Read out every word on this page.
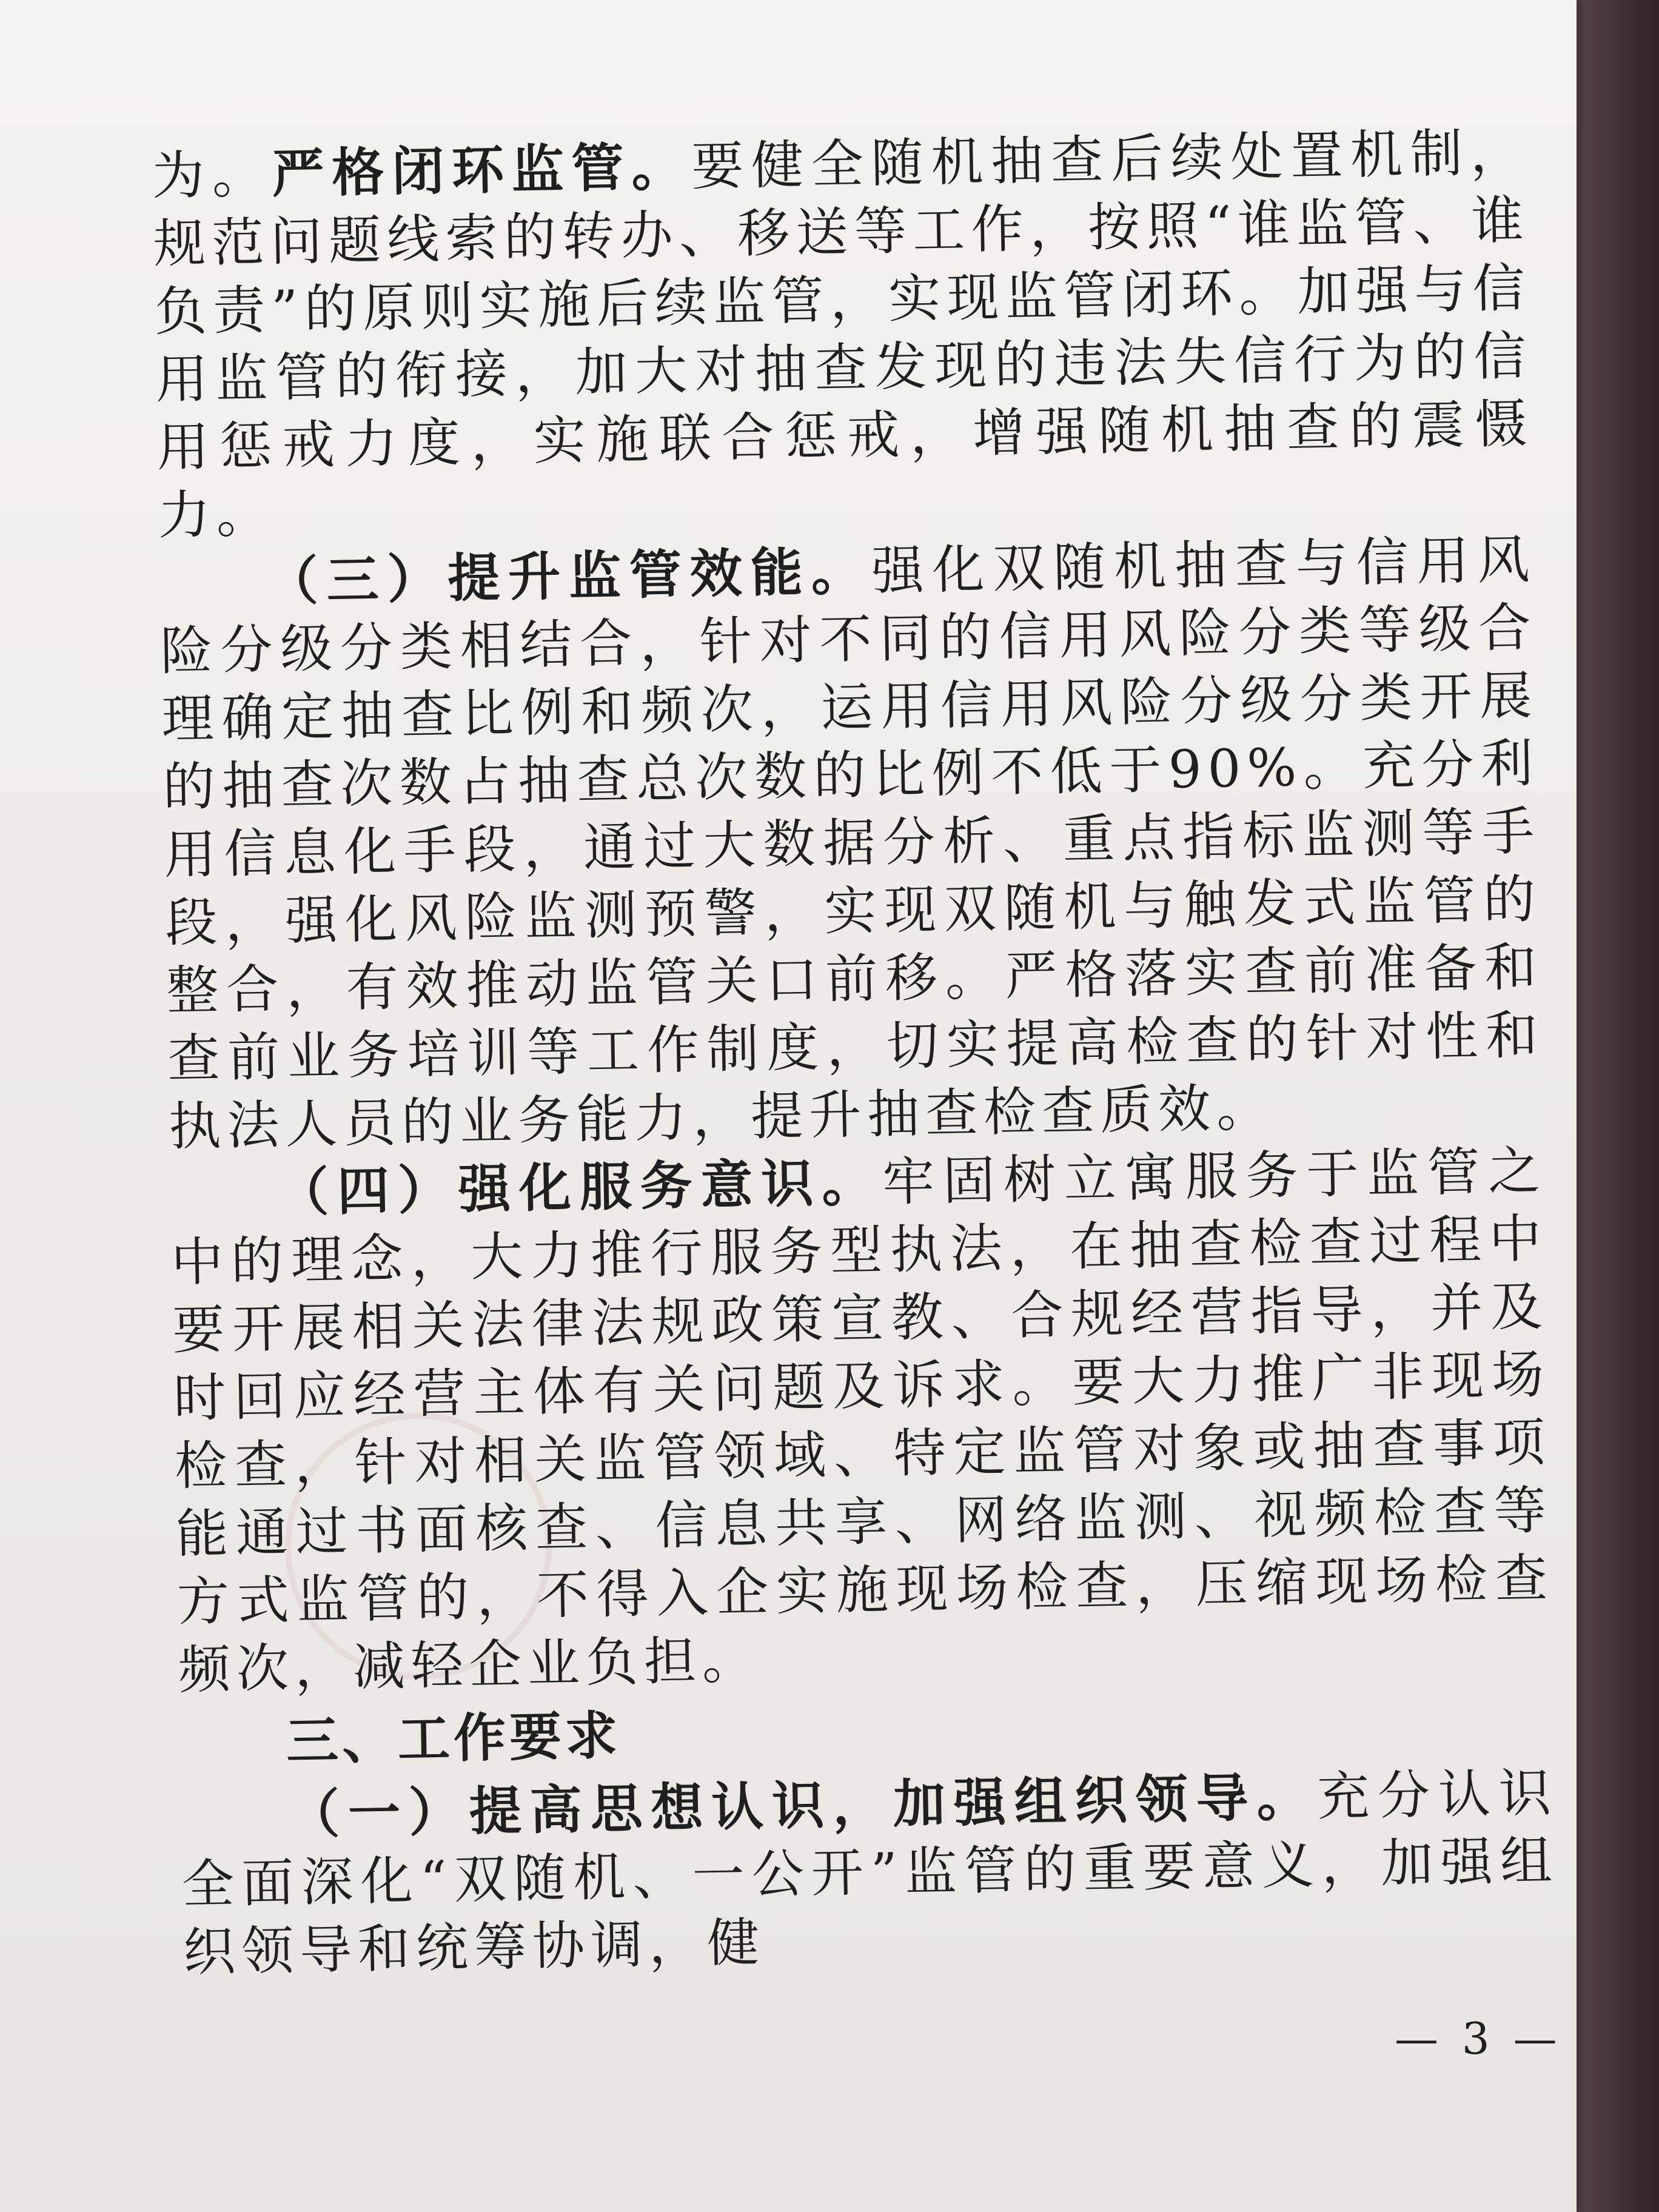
为。严格闭环监管。要健全随机抽查后续处置机制，规范问题线索的转办、移送等工作，按照“谁监管、谁负责”的原则实施后续监管，实现监管闭环。加强与信用监管的衔接，加大对抽查发现的违法失信行为的信用惩戒力度，实施联合惩戒，增强随机抽查的震慑力。

（三）提升监管效能。强化双随机抽查与信用风险分级分类相结合，针对不同的信用风险分类等级合理确定抽查比例和频次，运用信用风险分级分类开展的抽查次数占抽查总次数的比例不低于90%。充分利用信息化手段，通过大数据分析、重点指标监测等手段，强化风险监测预警，实现双随机与触发式监管的整合，有效推动监管关口前移。严格落实查前准备和查前业务培训等工作制度，切实提高检查的针对性和执法人员的业务能力，提升抽查检查质效。

（四）强化服务意识。牢固树立寓服务于监管之中的理念，大力推行服务型执法，在抽查检查过程中要开展相关法律法规政策宣教、合规经营指导，并及时回应经营主体有关问题及诉求。要大力推广非现场检查，针对相关监管领域、特定监管对象或抽查事项能通过书面核查、信息共享、网络监测、视频检查等方式监管的，不得入企实施现场检查，压缩现场检查频次，减轻企业负担。

三、工作要求

（一）提高思想认识，加强组织领导。充分认识全面深化“双随机、一公开”监管的重要意义，加强组织领导和统筹协调，健

— 3 —
